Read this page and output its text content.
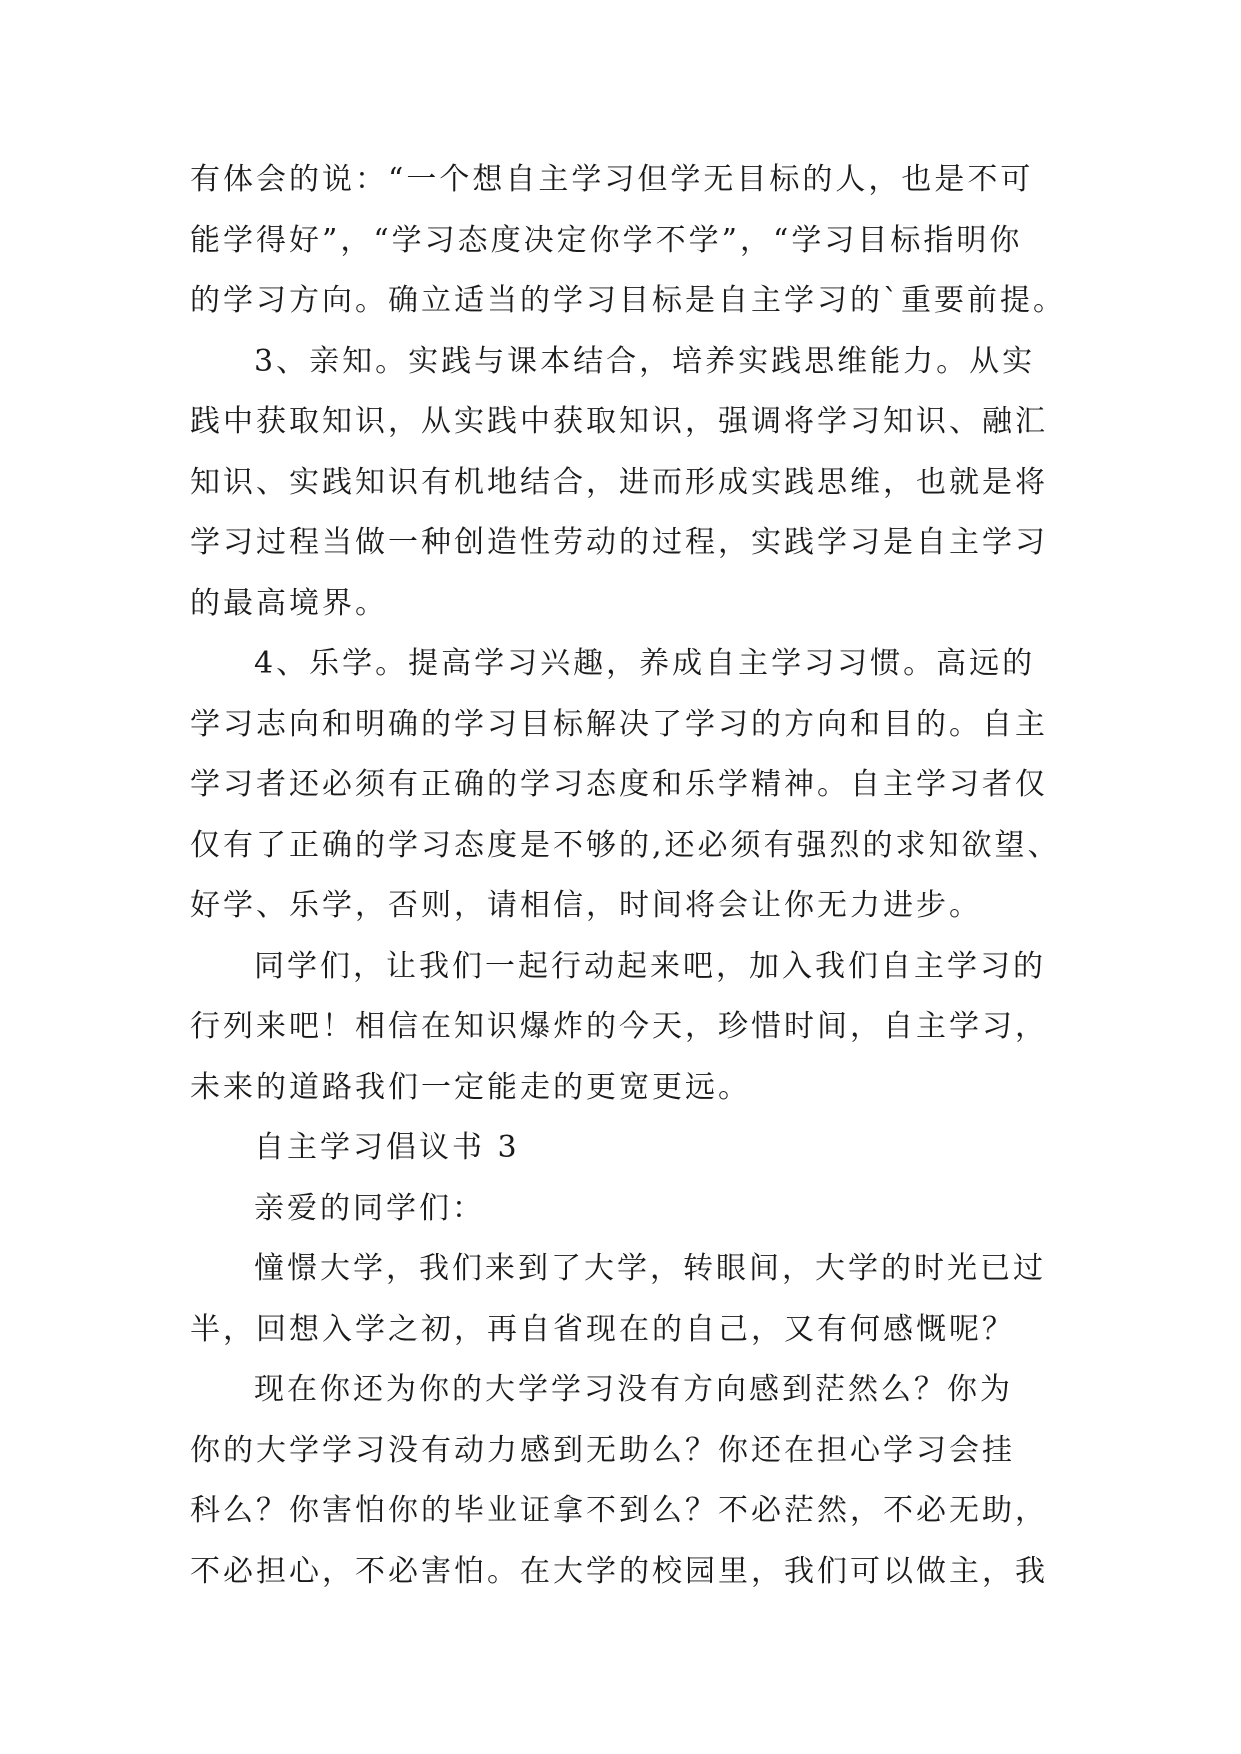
有体会的说：“一个想自主学习但学无目标的人，也是不可
能学得好”，“学习态度决定你学不学”，“学习目标指明你
的学习方向。确立适当的学习目标是自主学习的`重要前提。
3、亲知。实践与课本结合，培养实践思维能力。从实
践中获取知识，从实践中获取知识，强调将学习知识、融汇
知识、实践知识有机地结合，进而形成实践思维，也就是将
学习过程当做一种创造性劳动的过程，实践学习是自主学习
的最高境界。
4、乐学。提高学习兴趣，养成自主学习习惯。高远的
学习志向和明确的学习目标解决了学习的方向和目的。自主
学习者还必须有正确的学习态度和乐学精神。自主学习者仅
仅有了正确的学习态度是不够的,还必须有强烈的求知欲望、
好学、乐学，否则，请相信，时间将会让你无力进步。
同学们，让我们一起行动起来吧，加入我们自主学习的
行列来吧！相信在知识爆炸的今天，珍惜时间，自主学习，
未来的道路我们一定能走的更宽更远。
自主学习倡议书 3
亲爱的同学们：
憧憬大学，我们来到了大学，转眼间，大学的时光已过
半，回想入学之初，再自省现在的自己，又有何感慨呢？
现在你还为你的大学学习没有方向感到茫然么？你为
你的大学学习没有动力感到无助么？你还在担心学习会挂
科么？你害怕你的毕业证拿不到么？不必茫然，不必无助，
不必担心，不必害怕。在大学的校园里，我们可以做主，我
